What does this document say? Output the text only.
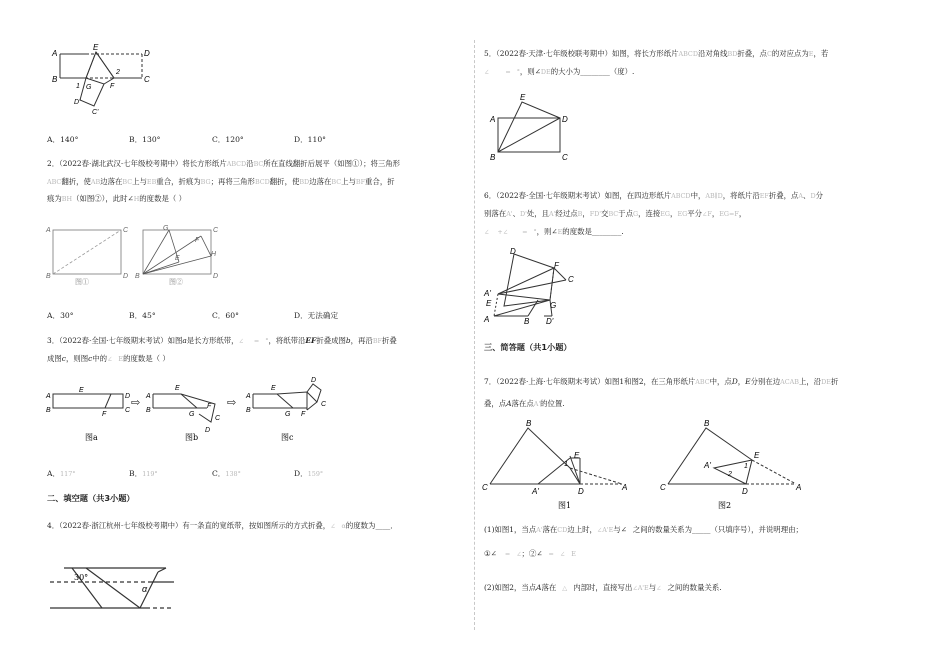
A
E
D
B
2
C
1 G	F
D'
C'
A．140°	B．130°	C．120°	D．110°
2．（2022春·湖北武汉·七年级校考期中）将长方形纸片ABCD沿BC所在直线翻折后展平（如图①）；将三角形
ABC翻折，使AB边落在BC上与EB重合，折痕为BG；再将三角形BCD翻折，使BD边落在BC上与BF重合，折
痕为BH（如图②），此时∠H的度数是（ ）
A	C
B	D
图①
G	C
F
E
H
B	D
图②
A．30°	B．45°	C．60°	D．无法确定
3．（2022春·全国·七年级期末考试）如图a是长方形纸带，∠ = °，将纸带沿EF折叠成图b，再沿BF折叠
成图c，则图c中的∠ E的度数是（ ）
A
B
E
F
D
C
图a
⇨ A
B
E
G
F
C
D
图b
⇨ A
B
E
G F
D
C
图c
A．117°	B．119°	C．138°	D．159°
二、填空题（共3小题）
4．（2022春·浙江杭州·七年级校考期中）有一条直的宽纸带，按如图所示的方式折叠，∠ α的度数为____．
30°
α
5．（2022春·天津·七年级校联考期中）如图，将长方形纸片ABCD沿对角线BD折叠，点C的对应点为E，若
∠	= °，则∠DE的大小为________（度）.
A
E
D
B	C
6．（2022春·全国·七年级期末考试）如图，在四边形纸片ABCD中，AB∥D，将纸片沿EF折叠，点A、D分
别落在A'、D'处，且A'经过点B，FD'交BC于点G，连接EG，EG平分∠F，EG=F，
∠ +∠ = °，则∠E的度数是________.
D
F
C
A'
E	G
A	B D'
三、简答题（共1小题）
7．（2022春·上海·七年级期末考试）如图1和图2，在三角形纸片ABC中，点D，E分别在边ACAB上，沿DE折
叠，点A落在点A'的位置.
B
C
E
1
A'	D	A
图1
B
C
E
A'	1
2
D	A
图2
(1)如图1，当点A'落在CD边上时，∠A'E与∠ 之间的数量关系为_____（只填序号），并说明理由；
①∠ = ∠；②∠ = ∠ E
(2)如图2，当点A落在 △ 内部时，直接写出∠A'E与∠ 之间的数量关系.
